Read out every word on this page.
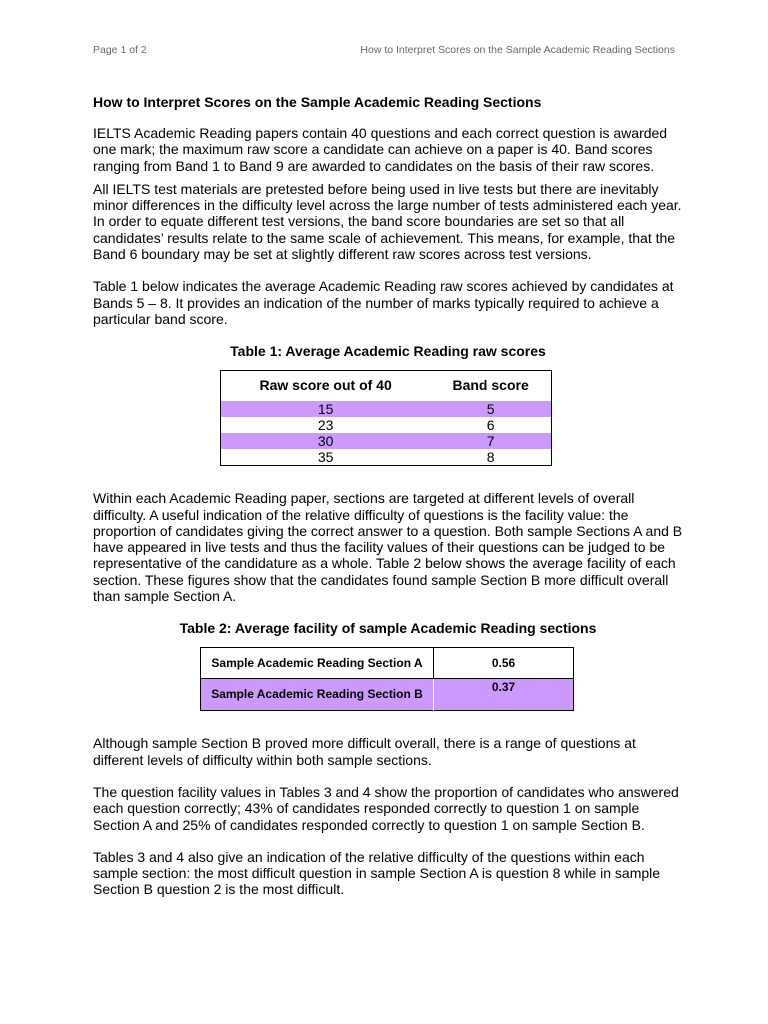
Page 1 of 2	How to Interpret Scores on the Sample Academic Reading Sections
How to Interpret Scores on the Sample Academic Reading Sections

IELTS Academic Reading papers contain 40 questions and each correct question is awarded one mark; the maximum raw score a candidate can achieve on a paper is 40. Band scores ranging from Band 1 to Band 9 are awarded to candidates on the basis of their raw scores.

All IELTS test materials are pretested before being used in live tests but there are inevitably minor differences in the difficulty level across the large number of tests administered each year. In order to equate different test versions, the band score boundaries are set so that all candidates’ results relate to the same scale of achievement. This means, for example, that the Band 6 boundary may be set at slightly different raw scores across test versions.

Table 1 below indicates the average Academic Reading raw scores achieved by candidates at Bands 5 – 8. It provides an indication of the number of marks typically required to achieve a particular band score.

Table 1: Average Academic Reading raw scores
Raw score out of 40	Band score

15	5
23	6
30	7
35	8

Within each Academic Reading paper, sections are targeted at different levels of overall difficulty. A useful indication of the relative difficulty of questions is the facility value: the proportion of candidates giving the correct answer to a question. Both sample Sections A and B have appeared in live tests and thus the facility values of their questions can be judged to be representative of the candidature as a whole. Table 2 below shows the average facility of each section. These figures show that the candidates found sample Section B more difficult overall than sample Section A.

Table 2: Average facility of sample Academic Reading sections
Sample Academic Reading Section A	0.56
Sample Academic Reading Section B	0.37

Although sample Section B proved more difficult overall, there is a range of questions at different levels of difficulty within both sample sections.

The question facility values in Tables 3 and 4 show the proportion of candidates who answered each question correctly; 43% of candidates responded correctly to question 1 on sample Section A and 25% of candidates responded correctly to question 1 on sample Section B.

Tables 3 and 4 also give an indication of the relative difficulty of the questions within each sample section: the most difficult question in sample Section A is question 8 while in sample Section B question 2 is the most difficult.
